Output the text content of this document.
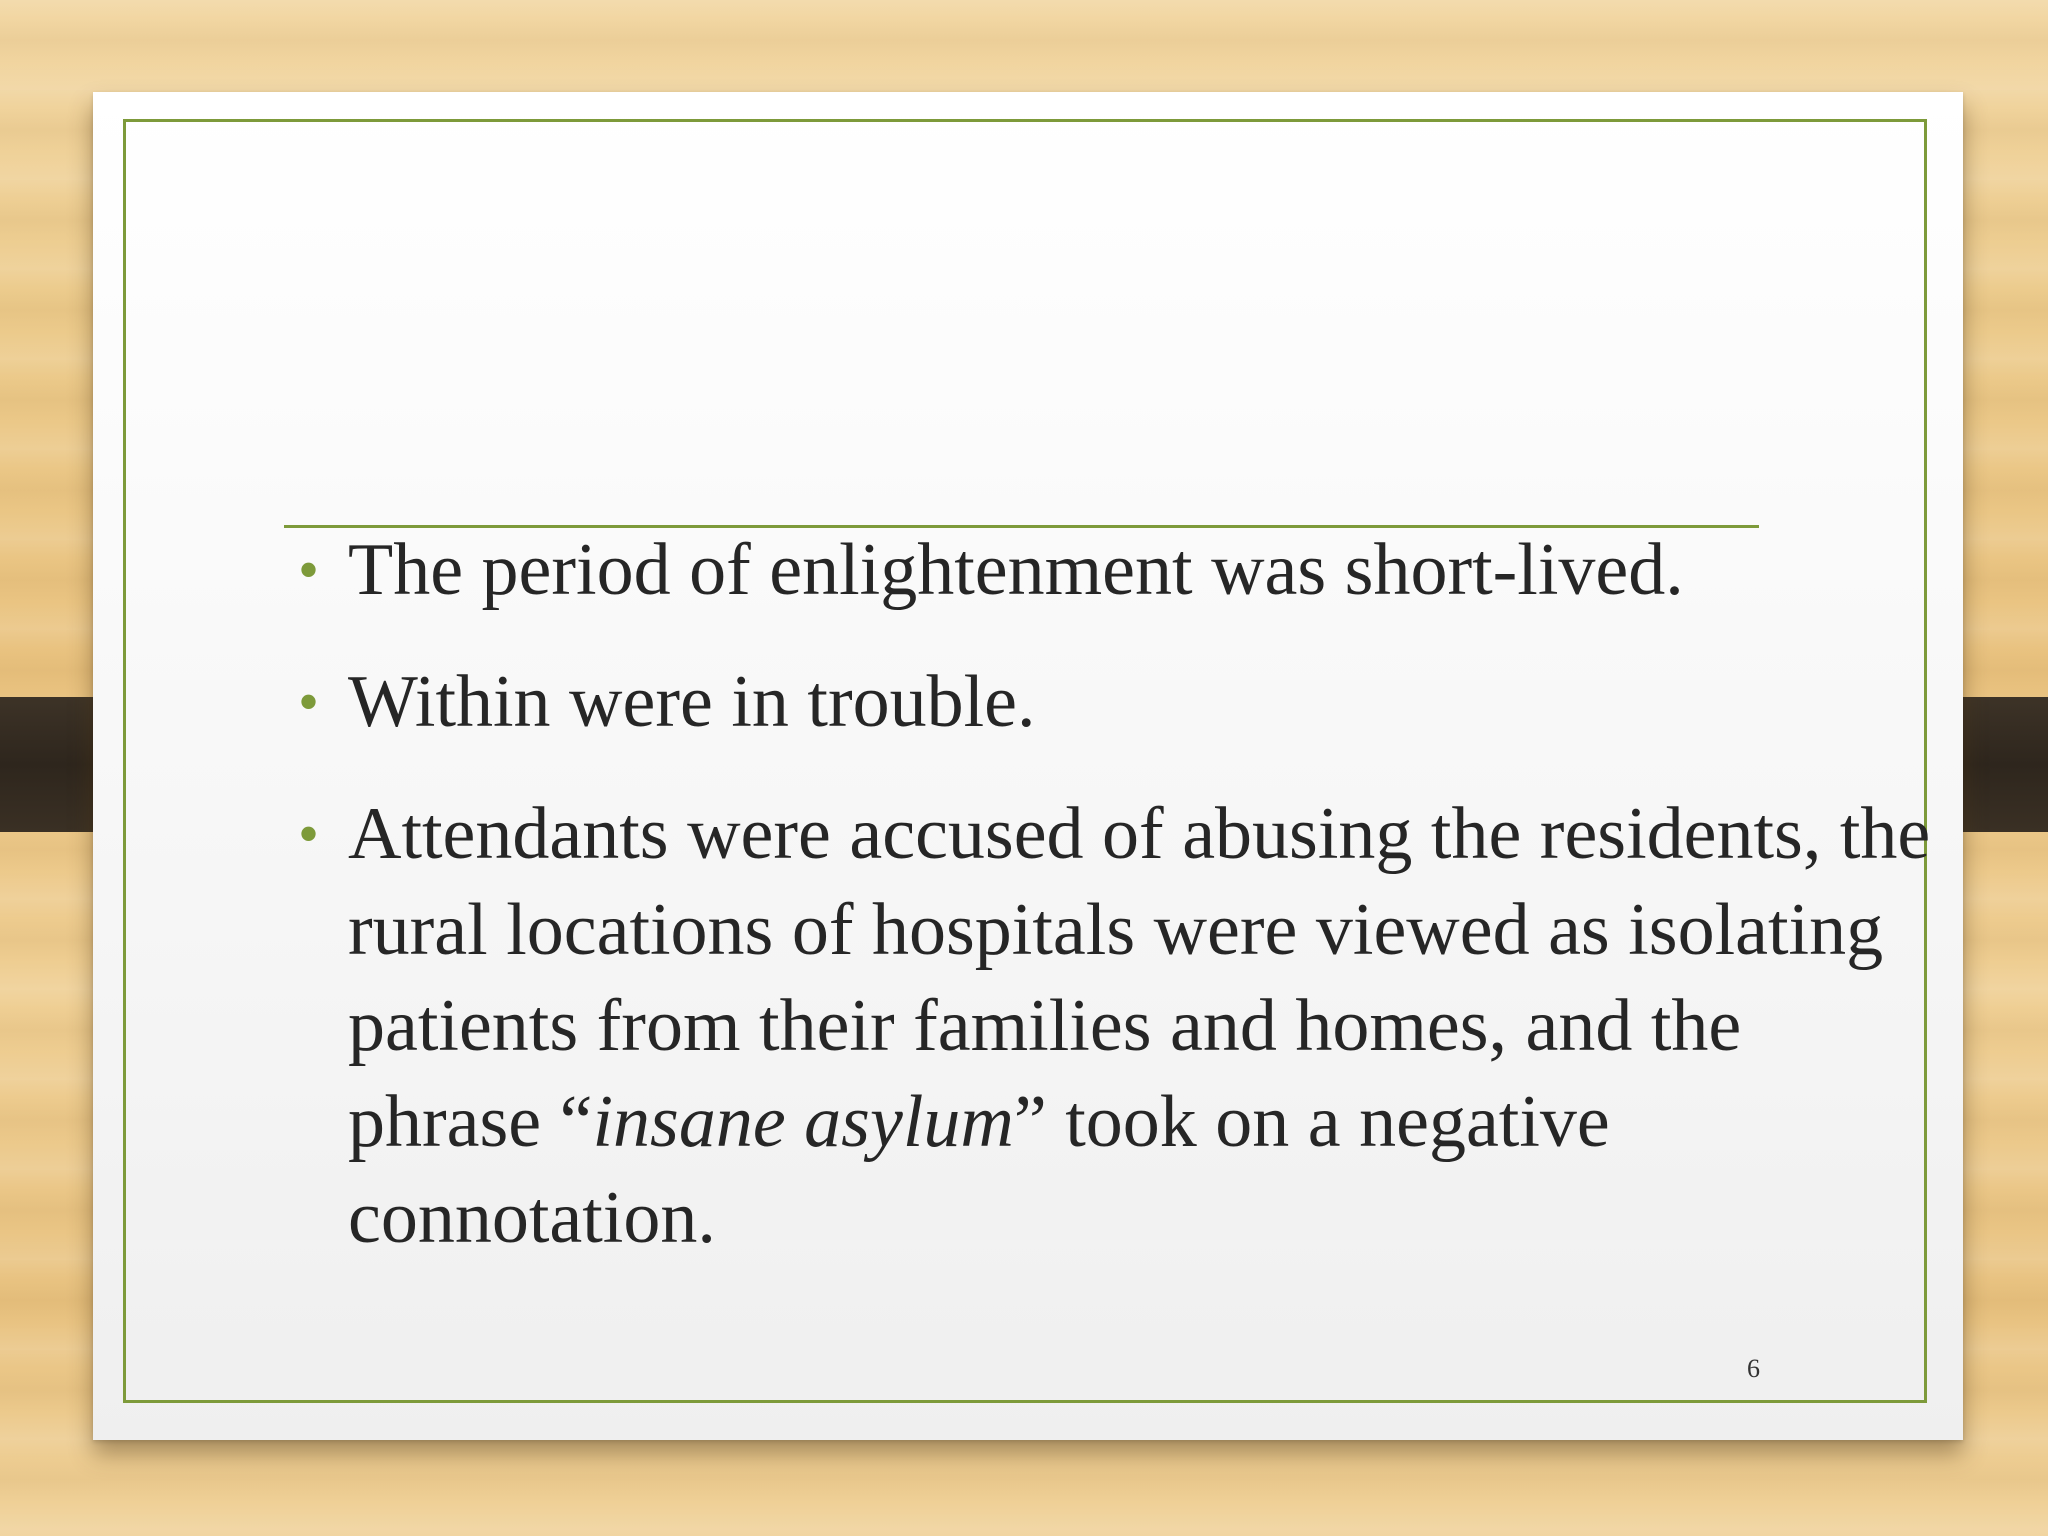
• The period of enlightenment was short-lived.
• Within were in trouble.
• Attendants were accused of abusing the residents, the rural locations of hospitals were viewed as isolating patients from their families and homes, and the phrase “insane asylum” took on a negative connotation.
6
